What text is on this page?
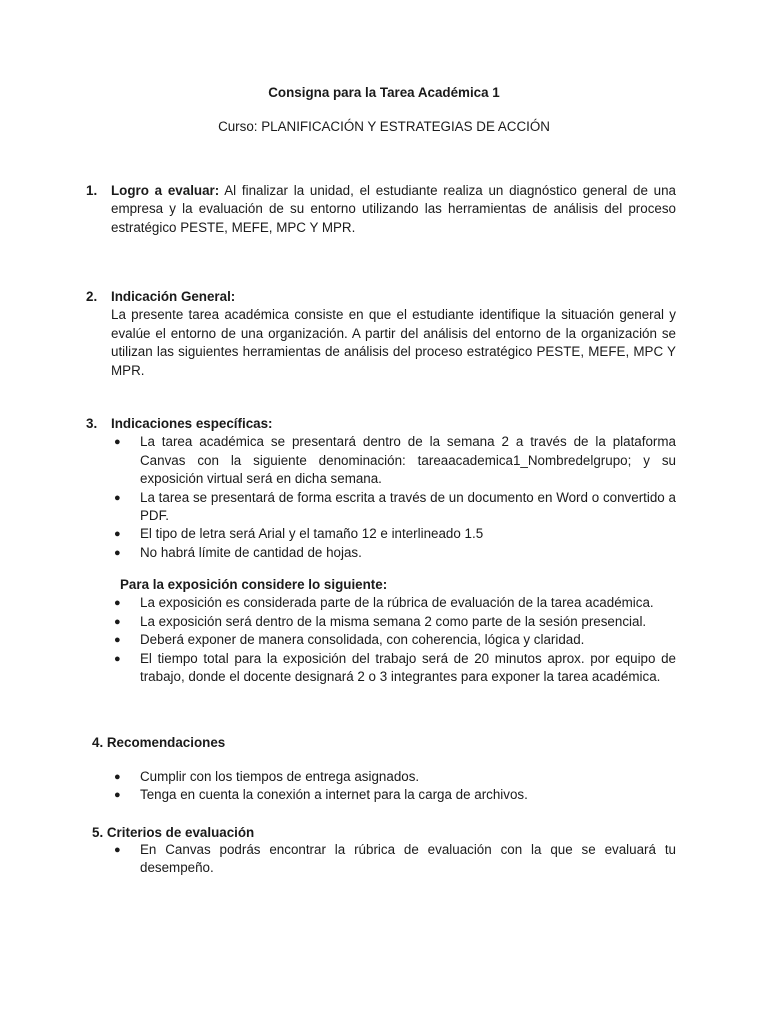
Consigna para la Tarea Académica 1
Curso: PLANIFICACIÓN Y ESTRATEGIAS DE ACCIÓN
1. Logro a evaluar: Al finalizar la unidad, el estudiante realiza un diagnóstico general de una empresa y la evaluación de su entorno utilizando las herramientas de análisis del proceso estratégico PESTE, MEFE, MPC Y MPR.
2. Indicación General:
La presente tarea académica consiste en que el estudiante identifique la situación general y evalúe el entorno de una organización. A partir del análisis del entorno de la organización se utilizan las siguientes herramientas de análisis del proceso estratégico PESTE, MEFE, MPC Y MPR.
3. Indicaciones específicas:
● La tarea académica se presentará dentro de la semana 2 a través de la plataforma Canvas con la siguiente denominación: tareaacademica1_Nombredelgrupo; y su exposición virtual será en dicha semana.
● La tarea se presentará de forma escrita a través de un documento en Word o convertido a PDF.
● El tipo de letra será Arial y el tamaño 12 e interlineado 1.5
● No habrá límite de cantidad de hojas.
Para la exposición considere lo siguiente:
● La exposición es considerada parte de la rúbrica de evaluación de la tarea académica.
● La exposición será dentro de la misma semana 2 como parte de la sesión presencial.
● Deberá exponer de manera consolidada, con coherencia, lógica y claridad.
● El tiempo total para la exposición del trabajo será de 20 minutos aprox. por equipo de trabajo, donde el docente designará 2 o 3 integrantes para exponer la tarea académica.
4. Recomendaciones
● Cumplir con los tiempos de entrega asignados.
● Tenga en cuenta la conexión a internet para la carga de archivos.
5. Criterios de evaluación
● En Canvas podrás encontrar la rúbrica de evaluación con la que se evaluará tu desempeño.
